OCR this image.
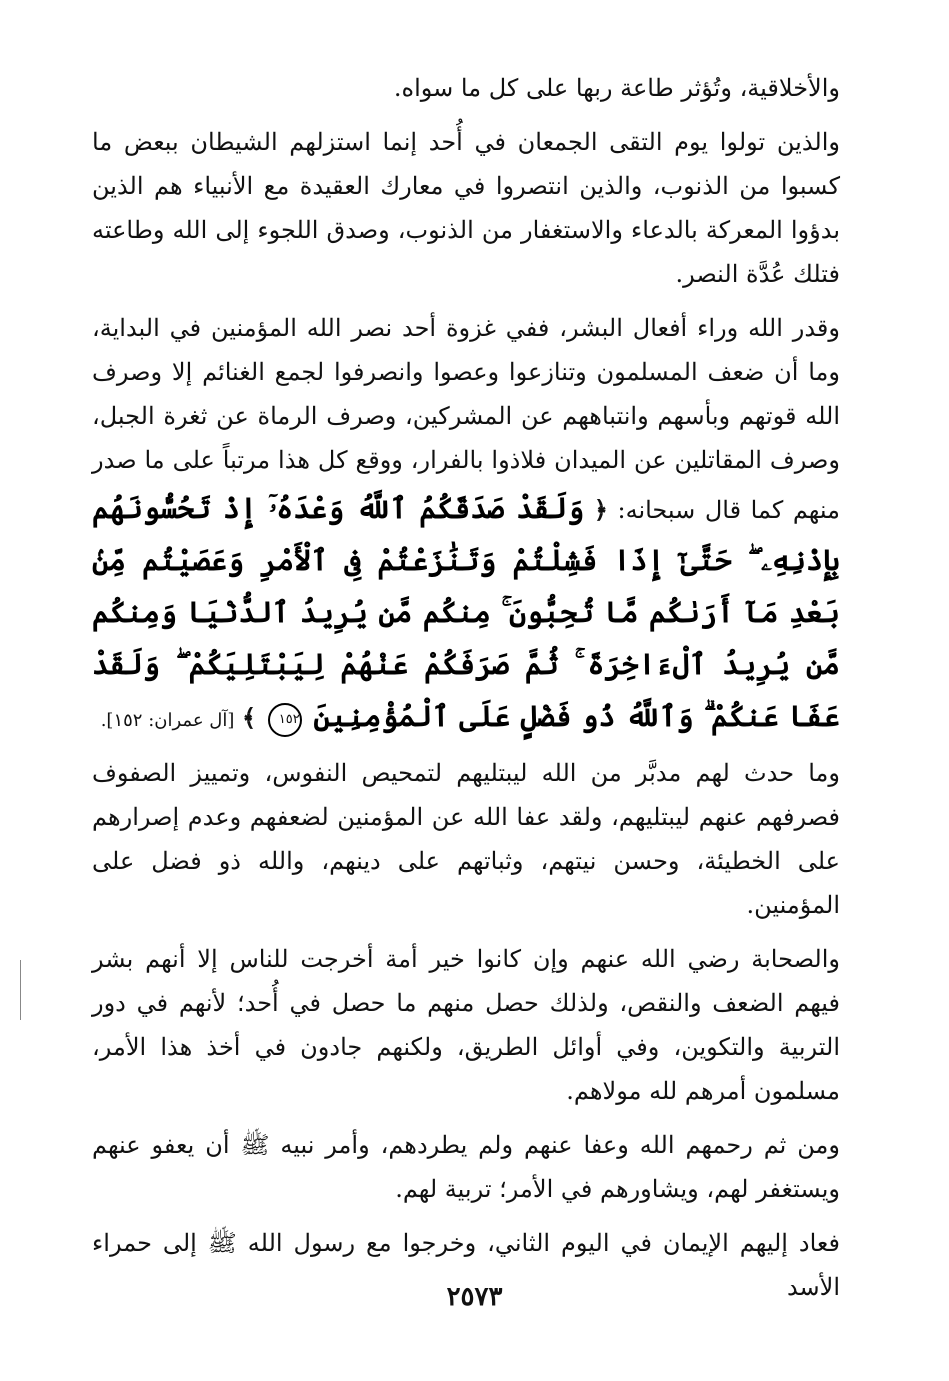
والأخلاقية، وتُؤثر طاعة ربها على كل ما سواه.

والذين تولوا يوم التقى الجمعان في أُحد إنما استزلهم الشيطان ببعض ما كسبوا من الذنوب، والذين انتصروا في معارك العقيدة مع الأنبياء هم الذين بدؤوا المعركة بالدعاء والاستغفار من الذنوب، وصدق اللجوء إلى الله وطاعته فتلك عُدَّة النصر.

وقدر الله وراء أفعال البشر، ففي غزوة أحد نصر الله المؤمنين في البداية، وما أن ضعف المسلمون وتنازعوا وعصوا وانصرفوا لجمع الغنائم إلا وصرف الله قوتهم وبأسهم وانتباههم عن المشركين، وصرف الرماة عن ثغرة الجبل، وصرف المقاتلين عن الميدان فلاذوا بالفرار، ووقع كل هذا مرتباً على ما صدر منهم كما قال سبحانه: ﴿ وَلَقَدْ صَدَقَكُمُ ٱللَّهُ وَعْدَهُۥٓ إِذْ تَحُسُّونَهُم بِإِذْنِهِۦ ۖ حَتَّىٰٓ إِذَا فَشِلْتُمْ وَتَنَٰزَعْتُمْ فِى ٱلْأَمْرِ وَعَصَيْتُم مِّنۢ بَعْدِ مَآ أَرَىٰكُم مَّا تُحِبُّونَ ۚ مِنكُم مَّن يُرِيدُ ٱلدُّنْيَا وَمِنكُم مَّن يُرِيدُ ٱلْءَاخِرَةَ ۚ ثُمَّ صَرَفَكُمْ عَنْهُمْ لِيَبْتَلِيَكُمْ ۖ وَلَقَدْ عَفَا عَنكُمْ ۗ وَٱللَّهُ ذُو فَضْلٍ عَلَى ٱلْمُؤْمِنِينَ ١٥٢ ﴾ [آل عمران: ١٥٢].

وما حدث لهم مدبَّر من الله ليبتليهم لتمحيص النفوس، وتمييز الصفوف فصرفهم عنهم ليبتليهم، ولقد عفا الله عن المؤمنين لضعفهم وعدم إصرارهم على الخطيئة، وحسن نيتهم، وثباتهم على دينهم، والله ذو فضل على المؤمنين.

والصحابة رضي الله عنهم وإن كانوا خير أمة أخرجت للناس إلا أنهم بشر فيهم الضعف والنقص، ولذلك حصل منهم ما حصل في أُحد؛ لأنهم في دور التربية والتكوين، وفي أوائل الطريق، ولكنهم جادون في أخذ هذا الأمر، مسلمون أمرهم لله مولاهم.

ومن ثم رحمهم الله وعفا عنهم ولم يطردهم، وأمر نبيه ﷺ أن يعفو عنهم ويستغفر لهم، ويشاورهم في الأمر؛ تربية لهم.

فعاد إليهم الإيمان في اليوم الثاني، وخرجوا مع رسول الله ﷺ إلى حمراء الأسد

٢٥٧٣
